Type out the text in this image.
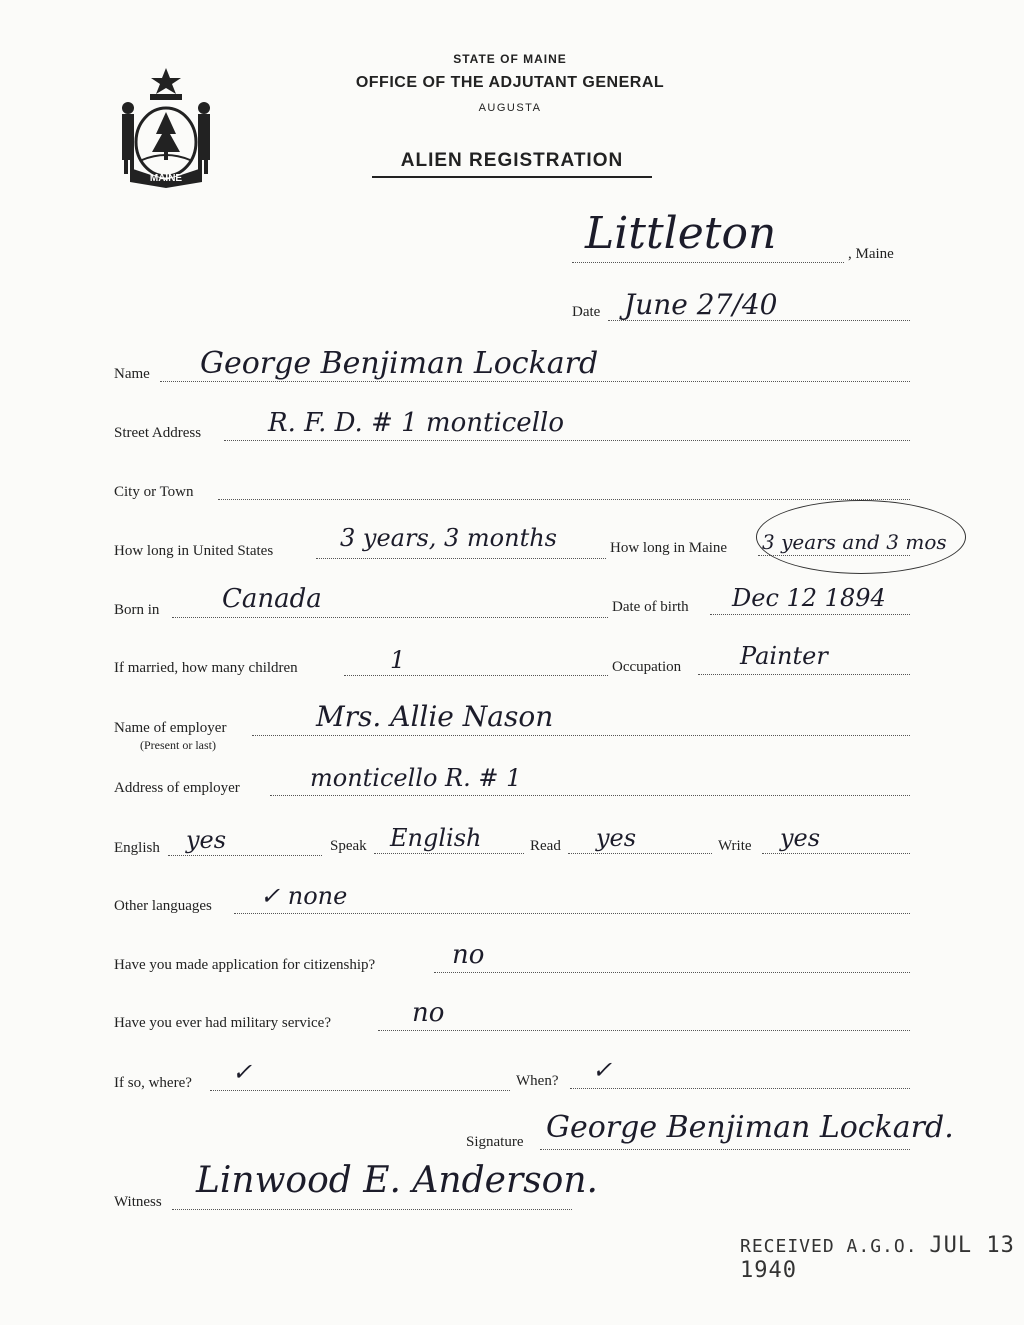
MAINE
STATE OF MAINE
OFFICE OF THE ADJUTANT GENERAL
AUGUSTA
ALIEN REGISTRATION
Littleton	, Maine
Date June 27/40
Name George Benjiman Lockard
Street Address	R. F. D. # 1 monticello
City or Town
How long in United States	3 years, 3 months	How long in Maine 3 years and 3 mos
Born in Canada	Date of birth Dec 12 1894
If married, how many children	1	Occupation Painter
Name of employer
(Present or last)
Mrs. Allie Nason
Address of employer	monticello R. # 1
English yes	Speak English	Read yes	Write yes
Other languages ✓ none
Have you made application for citizenship?	no
Have you ever had military service?	no
If so, where? ✓	When? ✓
Signature George Benjiman Lockard.
Witness
Linwood E. Anderson.
RECEIVED A.G.O. JUL 13 1940
